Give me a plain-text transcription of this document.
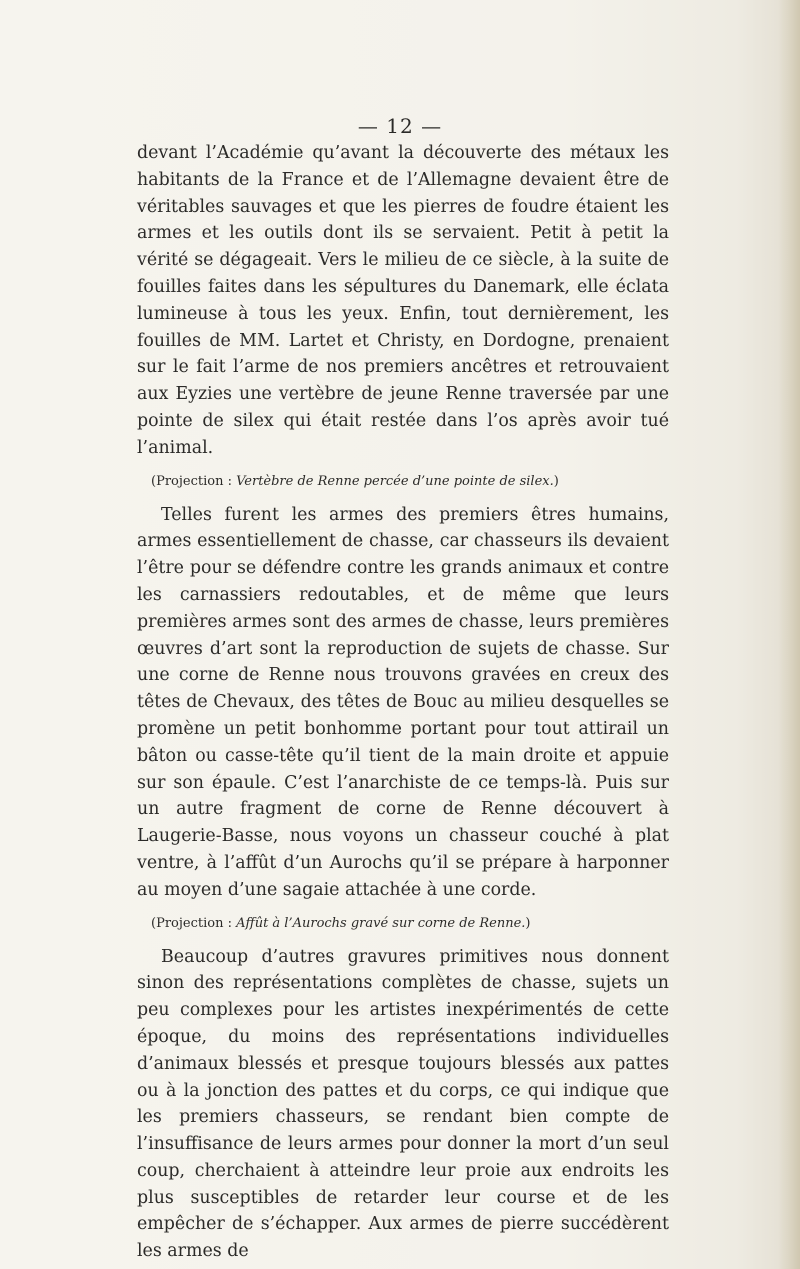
— 12 —

devant l’Académie qu’avant la découverte des métaux les habitants de la France et de l’Allemagne devaient être de véritables sauvages et que les pierres de foudre étaient les armes et les outils dont ils se servaient. Petit à petit la vérité se dégageait. Vers le milieu de ce siècle, à la suite de fouilles faites dans les sépultures du Danemark, elle éclata lumineuse à tous les yeux. Enfin, tout dernièrement, les fouilles de MM. Lartet et Christy, en Dordogne, prenaient sur le fait l’arme de nos premiers ancêtres et retrouvaient aux Eyzies une vertèbre de jeune Renne traversée par une pointe de silex qui était restée dans l’os après avoir tué l’animal.

(Projection : Vertèbre de Renne percée d’une pointe de silex.)

Telles furent les armes des premiers êtres humains, armes essentiellement de chasse, car chasseurs ils devaient l’être pour se défendre contre les grands animaux et contre les carnassiers redoutables, et de même que leurs premières armes sont des armes de chasse, leurs premières œuvres d’art sont la reproduction de sujets de chasse. Sur une corne de Renne nous trouvons gravées en creux des têtes de Chevaux, des têtes de Bouc au milieu desquelles se promène un petit bonhomme portant pour tout attirail un bâton ou casse-tête qu’il tient de la main droite et appuie sur son épaule. C’est l’anarchiste de ce temps-là. Puis sur un autre fragment de corne de Renne découvert à Laugerie-Basse, nous voyons un chasseur couché à plat ventre, à l’affût d’un Aurochs qu’il se prépare à harponner au moyen d’une sagaie attachée à une corde.

(Projection : Affût à l’Aurochs gravé sur corne de Renne.)

Beaucoup d’autres gravures primitives nous donnent sinon des représentations complètes de chasse, sujets un peu complexes pour les artistes inexpérimentés de cette époque, du moins des représentations individuelles d’animaux blessés et presque toujours blessés aux pattes ou à la jonction des pattes et du corps, ce qui indique que les premiers chasseurs, se rendant bien compte de l’insuffisance de leurs armes pour donner la mort d’un seul coup, cherchaient à atteindre leur proie aux endroits les plus susceptibles de retarder leur course et de les empêcher de s’échapper. Aux armes de pierre succédèrent les armes de
